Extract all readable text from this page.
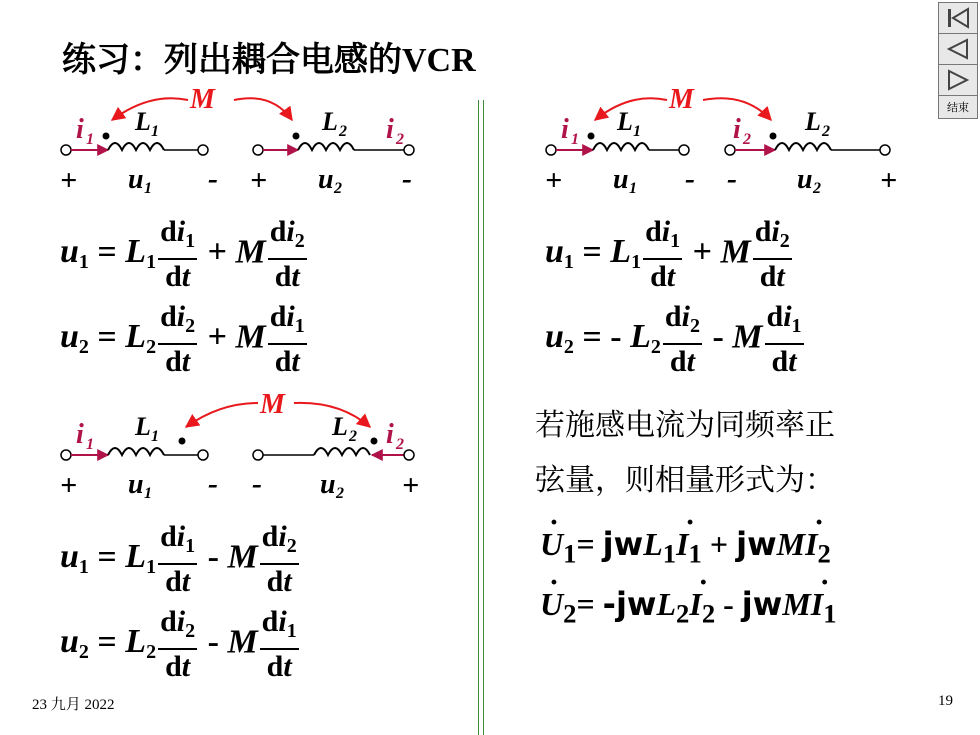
练习：列出耦合电感的VCR
结束
M
L 1	L 2
i 1	i 2
+ u 1 - + u 2 -
M
L 1	L 2
i 1	i 2
+ u 1 - - u 2 +
M
L 1	L 2
i 1	i 2
+ u 1 - - u 2 +
$u_1 = L_1 \frac{di_1}{dt} + M \frac{di_2}{dt}$
$u_2 = L_2 \frac{di_2}{dt} + M \frac{di_1}{dt}$
$u_1 = L_1 \frac{di_1}{dt} - M \frac{di_2}{dt}$
$u_2 = L_2 \frac{di_2}{dt} - M \frac{di_1}{dt}$
$u_1 = L_1 \frac{di_1}{dt} + M \frac{di_2}{dt}$
$u_2$ = - $L_2 \frac{di_2}{dt}$ - M $\frac{di_1}{dt}$
若施感电流为同频率正
弦量，则相量形式为：
· $U_1= jwL_1\cdot I_1 + jwM\cdot I_2$
· $U_2= -jwL_2\cdot I_2 - jwM\cdot I_1$
23 九月 2022	19
